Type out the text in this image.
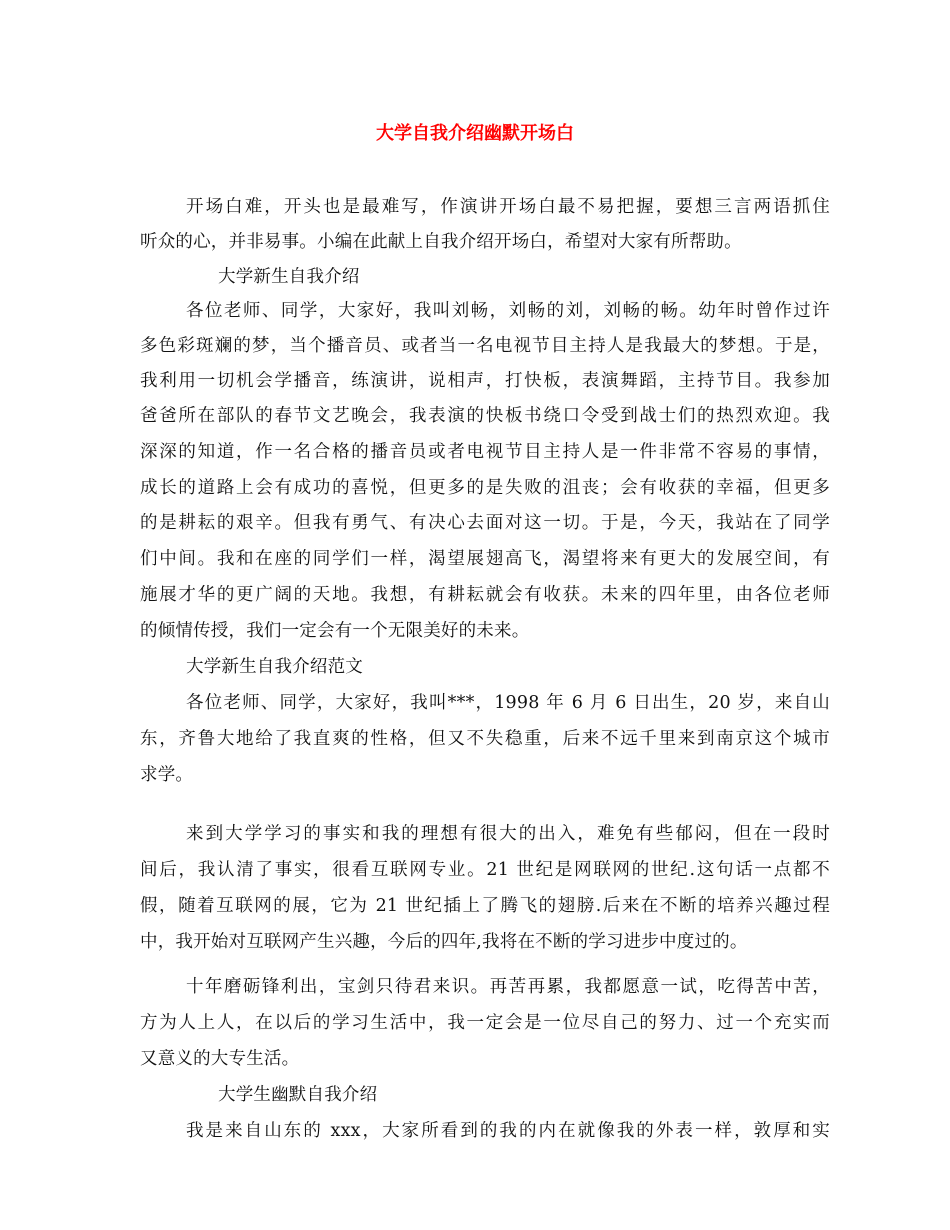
大学自我介绍幽默开场白
开场白难，开头也是最难写，作演讲开场白最不易把握，要想三言两语抓住
听众的心，并非易事。小编在此献上自我介绍开场白，希望对大家有所帮助。
大学新生自我介绍
各位老师、同学，大家好，我叫刘畅，刘畅的刘，刘畅的畅。幼年时曾作过许
多色彩斑斓的梦，当个播音员、或者当一名电视节目主持人是我最大的梦想。于是，
我利用一切机会学播音，练演讲，说相声，打快板，表演舞蹈，主持节目。我参加
爸爸所在部队的春节文艺晚会，我表演的快板书绕口令受到战士们的热烈欢迎。我
深深的知道，作一名合格的播音员或者电视节目主持人是一件非常不容易的事情，
成长的道路上会有成功的喜悦，但更多的是失败的沮丧；会有收获的幸福，但更多
的是耕耘的艰辛。但我有勇气、有决心去面对这一切。于是，今天，我站在了同学
们中间。我和在座的同学们一样，渴望展翅高飞，渴望将来有更大的发展空间，有
施展才华的更广阔的天地。我想，有耕耘就会有收获。未来的四年里，由各位老师
的倾情传授，我们一定会有一个无限美好的未来。
大学新生自我介绍范文
各位老师、同学，大家好，我叫***，1998 年 6 月 6 日出生，20 岁，来自山
东，齐鲁大地给了我直爽的性格，但又不失稳重，后来不远千里来到南京这个城市
求学。
来到大学学习的事实和我的理想有很大的出入，难免有些郁闷，但在一段时
间后，我认清了事实，很看互联网专业。21 世纪是网联网的世纪.这句话一点都不
假，随着互联网的展，它为 21 世纪插上了腾飞的翅膀.后来在不断的培养兴趣过程
中，我开始对互联网产生兴趣，今后的四年,我将在不断的学习进步中度过的。
十年磨砺锋利出，宝剑只待君来识。再苦再累，我都愿意一试，吃得苦中苦，
方为人上人，在以后的学习生活中，我一定会是一位尽自己的努力、过一个充实而
又意义的大专生活。
大学生幽默自我介绍
我是来自山东的 xxx，大家所看到的我的内在就像我的外表一样，敦厚和实
